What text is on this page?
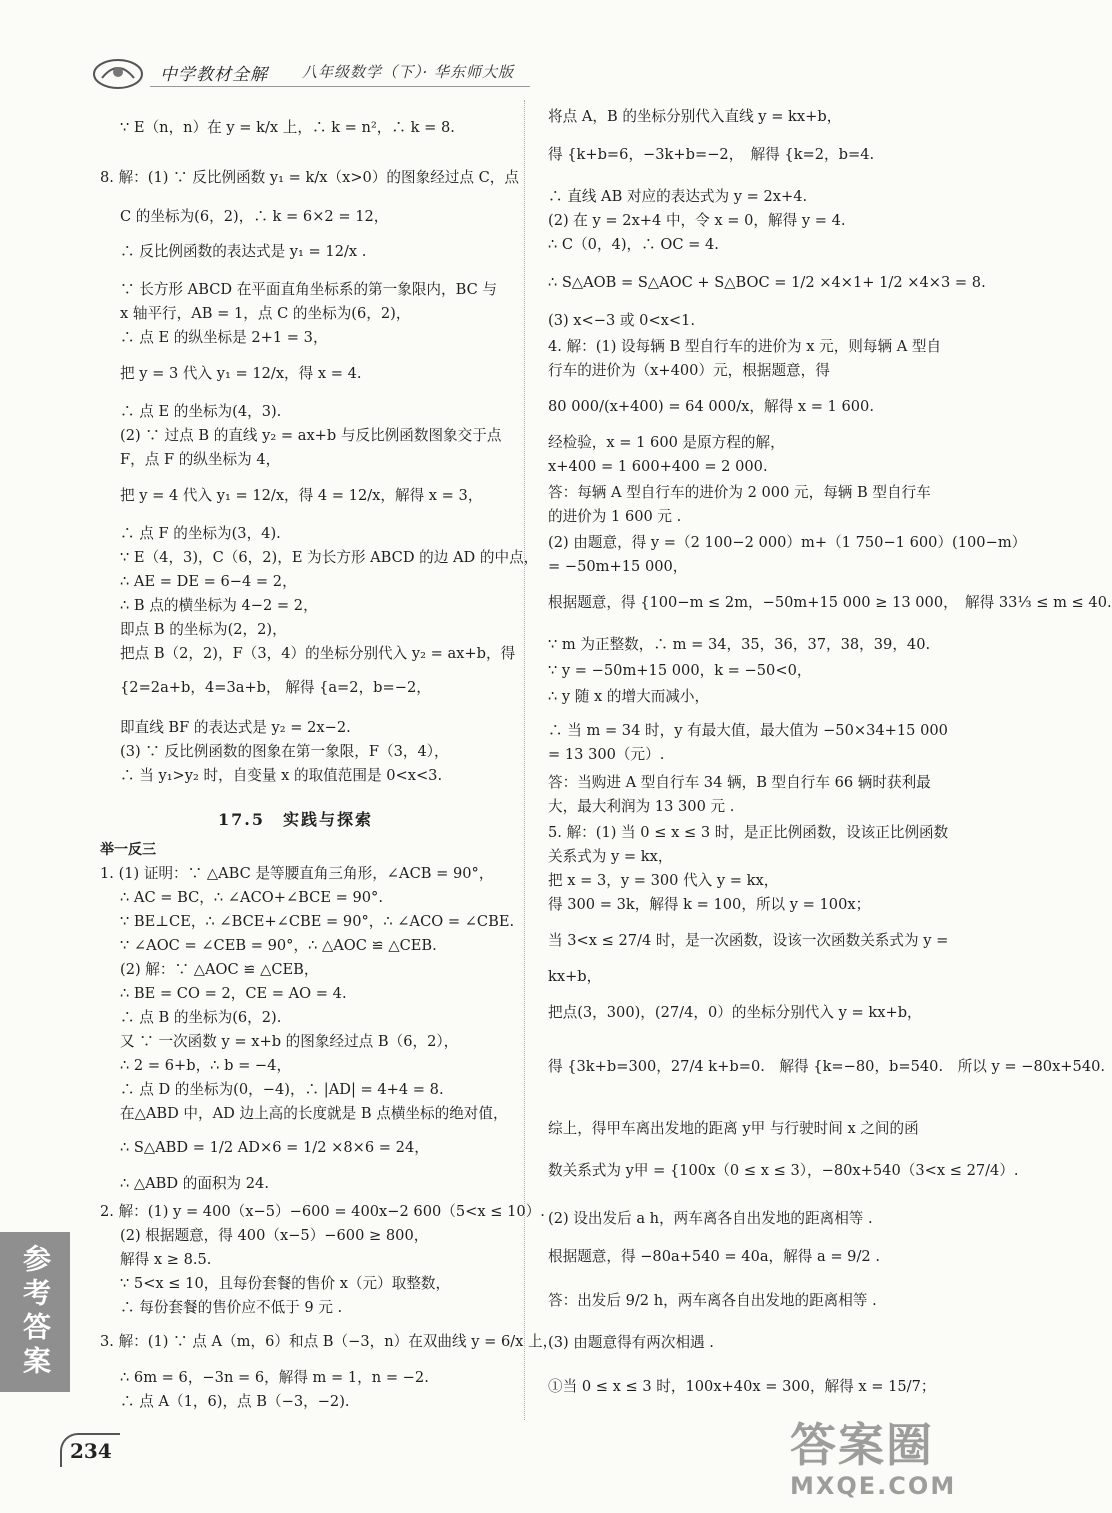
中学教材全解 八年级数学（下）· 华东师大版
∵ E（n，n）在 y = k/x 上，∴ k = n²，∴ k = 8.
8. 解：(1) ∵ 反比例函数 y₁ = k/x（x>0）的图象经过点 C，点
C 的坐标为(6，2)，∴ k = 6×2 = 12，
∴ 反比例函数的表达式是 y₁ = 12/x .
∵ 长方形 ABCD 在平面直角坐标系的第一象限内，BC 与
x 轴平行，AB = 1，点 C 的坐标为(6，2)，
∴ 点 E 的纵坐标是 2+1 = 3，
把 y = 3 代入 y₁ = 12/x，得 x = 4.
∴ 点 E 的坐标为(4，3).
(2) ∵ 过点 B 的直线 y₂ = ax+b 与反比例函数图象交于点
F，点 F 的纵坐标为 4，
把 y = 4 代入 y₁ = 12/x，得 4 = 12/x，解得 x = 3，
∴ 点 F 的坐标为(3，4).
∵ E（4，3)，C（6，2)，E 为长方形 ABCD 的边 AD 的中点，
∴ AE = DE = 6−4 = 2，
∴ B 点的横坐标为 4−2 = 2，
即点 B 的坐标为(2，2)，
把点 B（2，2)，F（3，4）的坐标分别代入 y₂ = ax+b，得
{2=2a+b，4=3a+b， 解得 {a=2，b=−2，
即直线 BF 的表达式是 y₂ = 2x−2.
(3) ∵ 反比例函数的图象在第一象限，F（3，4），
∴ 当 y₁>y₂ 时，自变量 x 的取值范围是 0<x<3.
17.5　实践与探索
举一反三
1. (1) 证明：∵ △ABC 是等腰直角三角形，∠ACB = 90°，
∴ AC = BC，∴ ∠ACO+∠BCE = 90°.
∵ BE⊥CE，∴ ∠BCE+∠CBE = 90°，∴ ∠ACO = ∠CBE.
∵ ∠AOC = ∠CEB = 90°，∴ △AOC ≌ △CEB.
(2) 解：∵ △AOC ≌ △CEB，
∴ BE = CO = 2，CE = AO = 4.
∴ 点 B 的坐标为(6，2).
又 ∵ 一次函数 y = x+b 的图象经过点 B（6，2），
∴ 2 = 6+b，∴ b = −4，
∴ 点 D 的坐标为(0，−4)，∴ |AD| = 4+4 = 8.
在△ABD 中，AD 边上高的长度就是 B 点横坐标的绝对值，
∴ S△ABD = 1/2 AD×6 = 1/2 ×8×6 = 24，
∴ △ABD 的面积为 24.
2. 解：(1) y = 400（x−5）−600 = 400x−2 600（5<x ≤ 10）.
(2) 根据题意，得 400（x−5）−600 ≥ 800，
解得 x ≥ 8.5.
∵ 5<x ≤ 10，且每份套餐的售价 x（元）取整数，
∴ 每份套餐的售价应不低于 9 元 .
3. 解：(1) ∵ 点 A（m，6）和点 B（−3，n）在双曲线 y = 6/x 上，
∴ 6m = 6，−3n = 6，解得 m = 1，n = −2.
∴ 点 A（1，6)，点 B（−3，−2).
将点 A，B 的坐标分别代入直线 y = kx+b，
得 {k+b=6，−3k+b=−2，　解得 {k=2，b=4.
∴ 直线 AB 对应的表达式为 y = 2x+4.
(2) 在 y = 2x+4 中，令 x = 0，解得 y = 4.
∴ C（0，4)，∴ OC = 4.
∴ S△AOB = S△AOC + S△BOC = 1/2 ×4×1+ 1/2 ×4×3 = 8.
(3) x<−3 或 0<x<1.
4. 解：(1) 设每辆 B 型自行车的进价为 x 元，则每辆 A 型自
行车的进价为（x+400）元，根据题意，得
80 000/(x+400) = 64 000/x，解得 x = 1 600.
经检验，x = 1 600 是原方程的解，
x+400 = 1 600+400 = 2 000.
答：每辆 A 型自行车的进价为 2 000 元，每辆 B 型自行车
的进价为 1 600 元 .
(2) 由题意，得 y =（2 100−2 000）m+（1 750−1 600）(100−m）
= −50m+15 000，
根据题意，得 {100−m ≤ 2m，−50m+15 000 ≥ 13 000，　解得 33⅓ ≤ m ≤ 40.
∵ m 为正整数，∴ m = 34，35，36，37，38，39，40.
∵ y = −50m+15 000，k = −50<0，
∴ y 随 x 的增大而减小，
∴ 当 m = 34 时，y 有最大值，最大值为 −50×34+15 000
= 13 300（元）.
答：当购进 A 型自行车 34 辆，B 型自行车 66 辆时获利最
大，最大利润为 13 300 元 .
5. 解：(1) 当 0 ≤ x ≤ 3 时，是正比例函数，设该正比例函数
关系式为 y = kx，
把 x = 3，y = 300 代入 y = kx，
得 300 = 3k，解得 k = 100，所以 y = 100x；
当 3<x ≤ 27/4 时，是一次函数，设该一次函数关系式为 y =
kx+b，
把点(3，300)，(27/4，0）的坐标分别代入 y = kx+b，
得 {3k+b=300，27/4 k+b=0.　解得 {k=−80，b=540.　所以 y = −80x+540.
综上，得甲车离出发地的距离 y甲 与行驶时间 x 之间的函
数关系式为 y甲 = {100x（0 ≤ x ≤ 3），−80x+540（3<x ≤ 27/4）.
(2) 设出发后 a h，两车离各自出发地的距离相等 .
根据题意，得 −80a+540 = 40a，解得 a = 9/2 .
答：出发后 9/2 h，两车离各自出发地的距离相等 .
(3) 由题意得有两次相遇 .
①当 0 ≤ x ≤ 3 时，100x+40x = 300，解得 x = 15/7；
参考答案
234	答案圈
MXQE.COM
